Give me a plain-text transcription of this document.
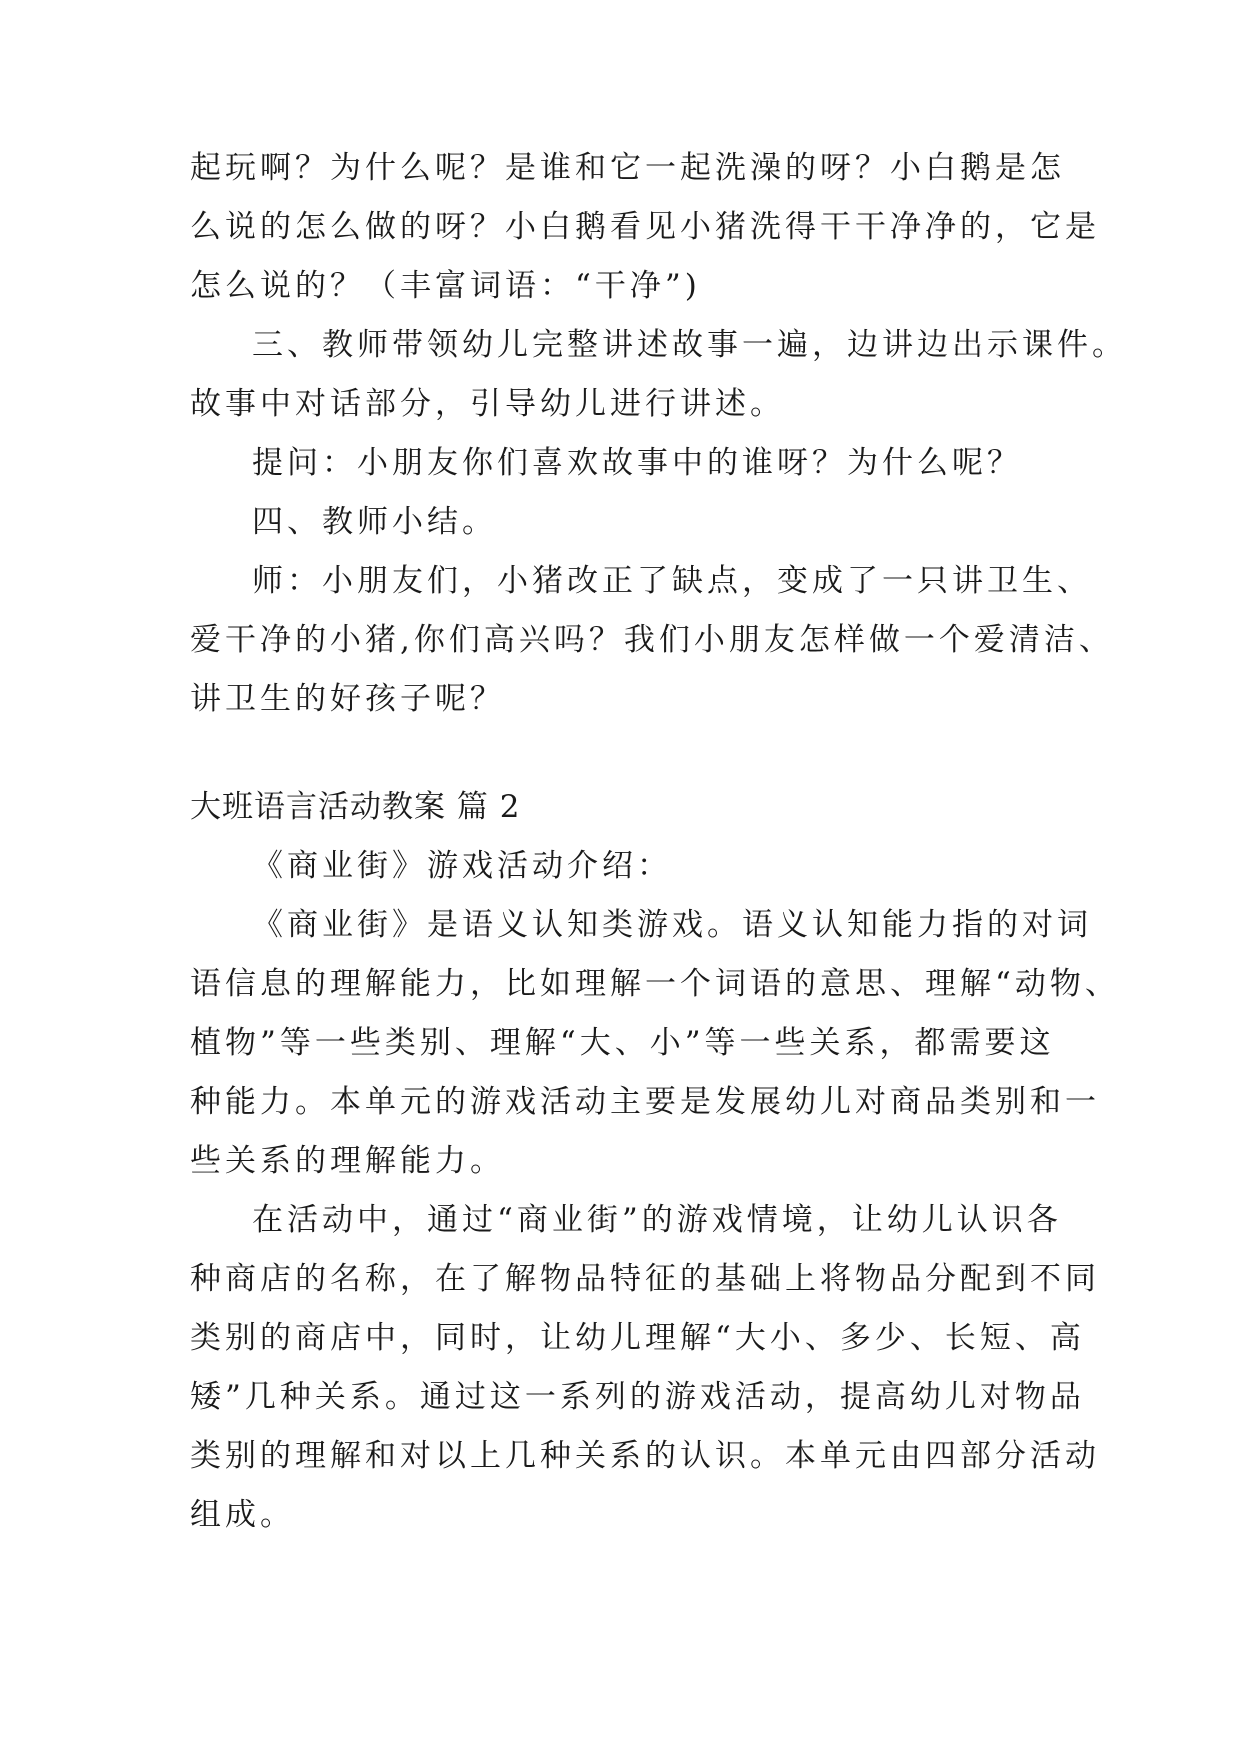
起玩啊？为什么呢？是谁和它一起洗澡的呀？小白鹅是怎
么说的怎么做的呀？小白鹅看见小猪洗得干干净净的，它是
怎么说的？（丰富词语：“干净”)
三、教师带领幼儿完整讲述故事一遍，边讲边出示课件。
故事中对话部分，引导幼儿进行讲述。
提问：小朋友你们喜欢故事中的谁呀？为什么呢？
四、教师小结。
师：小朋友们，小猪改正了缺点，变成了一只讲卫生、
爱干净的小猪,你们高兴吗？我们小朋友怎样做一个爱清洁、
讲卫生的好孩子呢？
大班语言活动教案 篇 2
《商业街》游戏活动介绍：
《商业街》是语义认知类游戏。语义认知能力指的对词
语信息的理解能力，比如理解一个词语的意思、理解“动物、
植物”等一些类别、理解“大、小”等一些关系，都需要这
种能力。本单元的游戏活动主要是发展幼儿对商品类别和一
些关系的理解能力。
在活动中，通过“商业街”的游戏情境，让幼儿认识各
种商店的名称，在了解物品特征的基础上将物品分配到不同
类别的商店中，同时，让幼儿理解“大小、多少、长短、高
矮”几种关系。通过这一系列的游戏活动，提高幼儿对物品
类别的理解和对以上几种关系的认识。本单元由四部分活动
组成。
